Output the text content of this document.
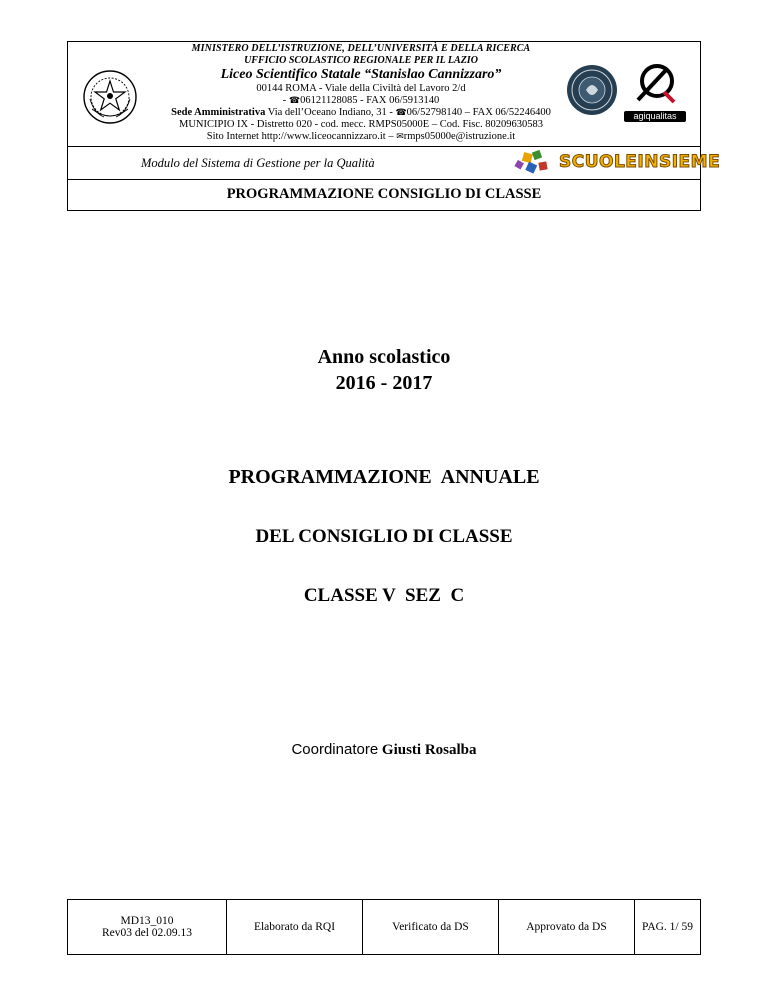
MINISTERO DELL’ISTRUZIONE, DELL’UNIVERSITÀ E DELLA RICERCA
UFFICIO SCOLASTICO REGIONALE PER IL LAZIO
Liceo Scientifico Statale “Stanislao Cannizzaro”
00144 ROMA - Viale della Civiltà del Lavoro 2/d
- ☎06121128085 - FAX 06/5913140
Sede Amministrativa Via dell’Oceano Indiano, 31 - ☎06/52798140 – FAX 06/52246400
MUNICIPIO IX - Distretto 020 - cod. mecc. RMPS05000E – Cod. Fisc. 80209630583
Sito Internet http://www.liceocannizzaro.it – ✉rmps05000e@istruzione.it
agiqualitas
Modulo del Sistema di Gestione per la Qualità	SCUOLEINSIEME
PROGRAMMAZIONE CONSIGLIO DI CLASSE
Anno scolastico
2016 - 2017
PROGRAMMAZIONE  ANNUALE
DEL CONSIGLIO DI CLASSE
CLASSE V  SEZ  C
Coordinatore Giusti Rosalba
MD13_010
Rev03 del 02.09.13	Elaborato da RQI	Verificato da DS	Approvato da DS	PAG. 1/ 59
